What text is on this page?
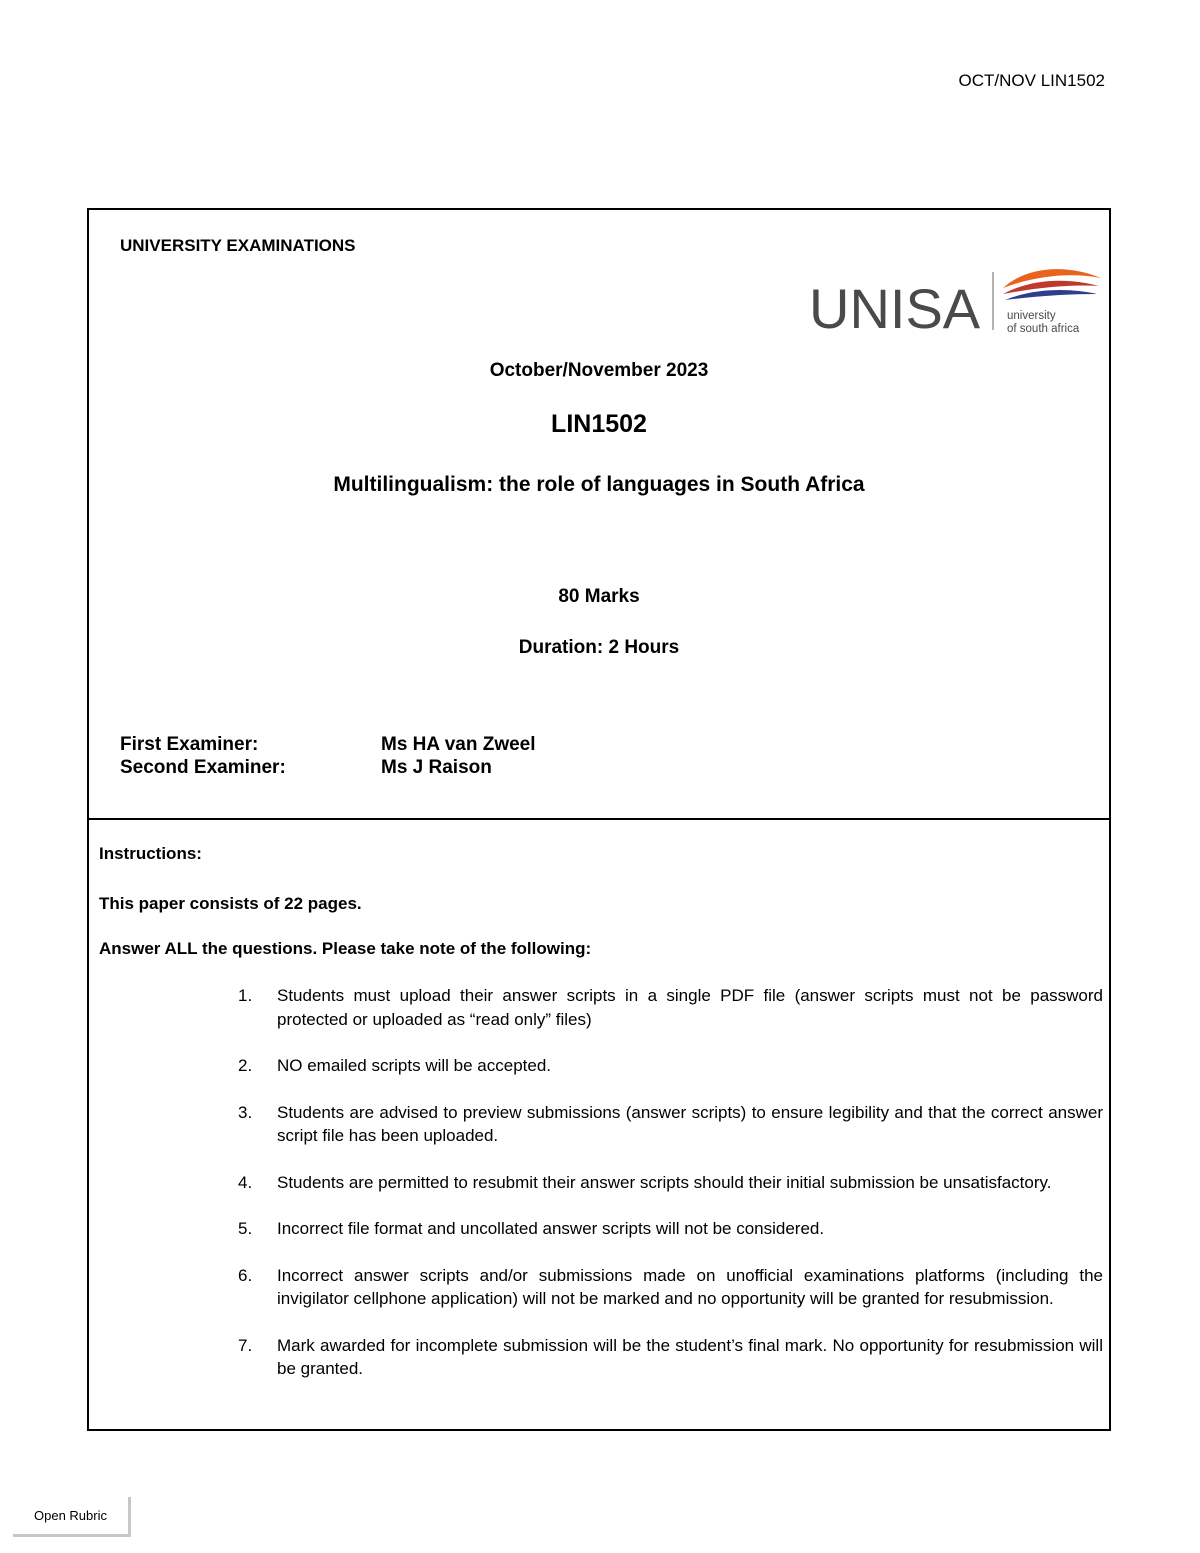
OCT/NOV LIN1502
UNIVERSITY EXAMINATIONS
UNISA university
of south africa
October/November 2023
LIN1502
Multilingualism: the role of languages in South Africa
80 Marks
Duration: 2 Hours
First Examiner:	Ms HA van Zweel
Second Examiner:	Ms J Raison
Instructions:
This paper consists of 22 pages.
Answer ALL the questions. Please take note of the following:
1. Students must upload their answer scripts in a single PDF file (answer scripts must not be password protected or uploaded as “read only” files)
2. NO emailed scripts will be accepted.
3. Students are advised to preview submissions (answer scripts) to ensure legibility and that the correct answer script file has been uploaded.
4. Students are permitted to resubmit their answer scripts should their initial submission be unsatisfactory.
5. Incorrect file format and uncollated answer scripts will not be considered.
6. Incorrect answer scripts and/or submissions made on unofficial examinations platforms (including the invigilator cellphone application) will not be marked and no opportunity will be granted for resubmission.
7. Mark awarded for incomplete submission will be the student’s final mark. No opportunity for resubmission will be granted.
Open Rubric
